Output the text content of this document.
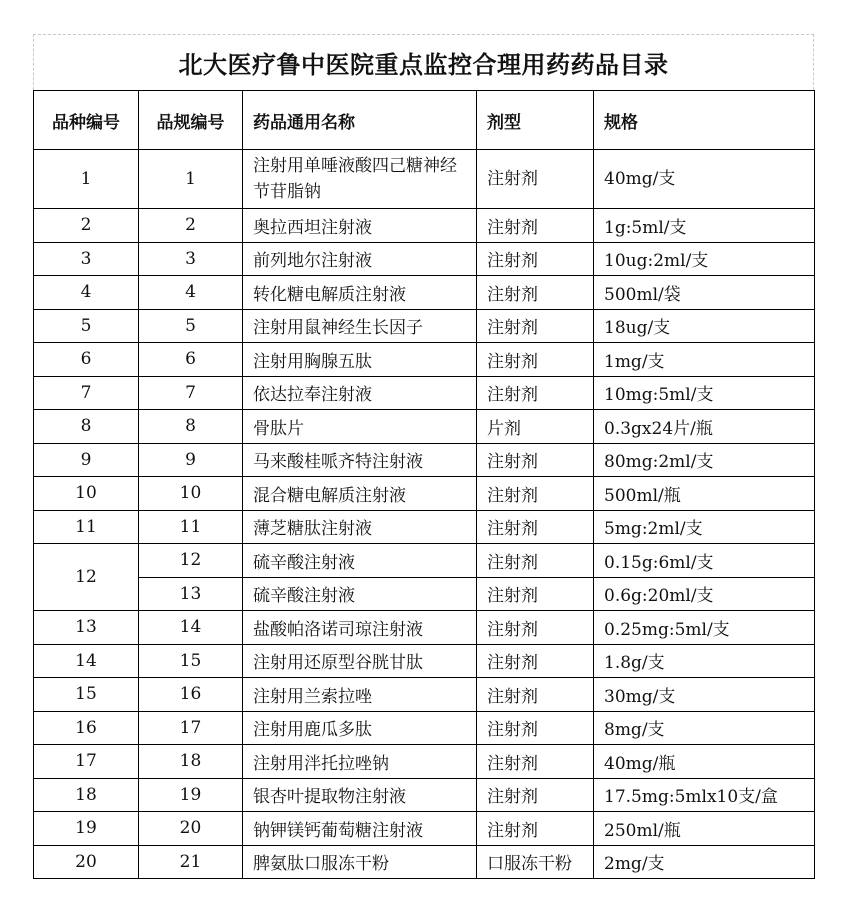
北大医疗鲁中医院重点监控合理用药药品目录
品种编号	品规编号	药品通用名称	剂型	规格
1	1	注射用单唾液酸四己糖神经节苷脂钠	注射剂	40mg/支
2	2	奥拉西坦注射液	注射剂	1g:5ml/支
3	3	前列地尔注射液	注射剂	10ug:2ml/支
4	4	转化糖电解质注射液	注射剂	500ml/袋
5	5	注射用鼠神经生长因子	注射剂	18ug/支
6	6	注射用胸腺五肽	注射剂	1mg/支
7	7	依达拉奉注射液	注射剂	10mg:5ml/支
8	8	骨肽片	片剂	0.3gx24片/瓶
9	9	马来酸桂哌齐特注射液	注射剂	80mg:2ml/支
10	10	混合糖电解质注射液	注射剂	500ml/瓶
11	11	薄芝糖肽注射液	注射剂	5mg:2ml/支
12	12	硫辛酸注射液	注射剂	0.15g:6ml/支
	13	硫辛酸注射液	注射剂	0.6g:20ml/支
13	14	盐酸帕洛诺司琼注射液	注射剂	0.25mg:5ml/支
14	15	注射用还原型谷胱甘肽	注射剂	1.8g/支
15	16	注射用兰索拉唑	注射剂	30mg/支
16	17	注射用鹿瓜多肽	注射剂	8mg/支
17	18	注射用泮托拉唑钠	注射剂	40mg/瓶
18	19	银杏叶提取物注射液	注射剂	17.5mg:5mlx10支/盒
19	20	钠钾镁钙葡萄糖注射液	注射剂	250ml/瓶
20	21	脾氨肽口服冻干粉	口服冻干粉	2mg/支
